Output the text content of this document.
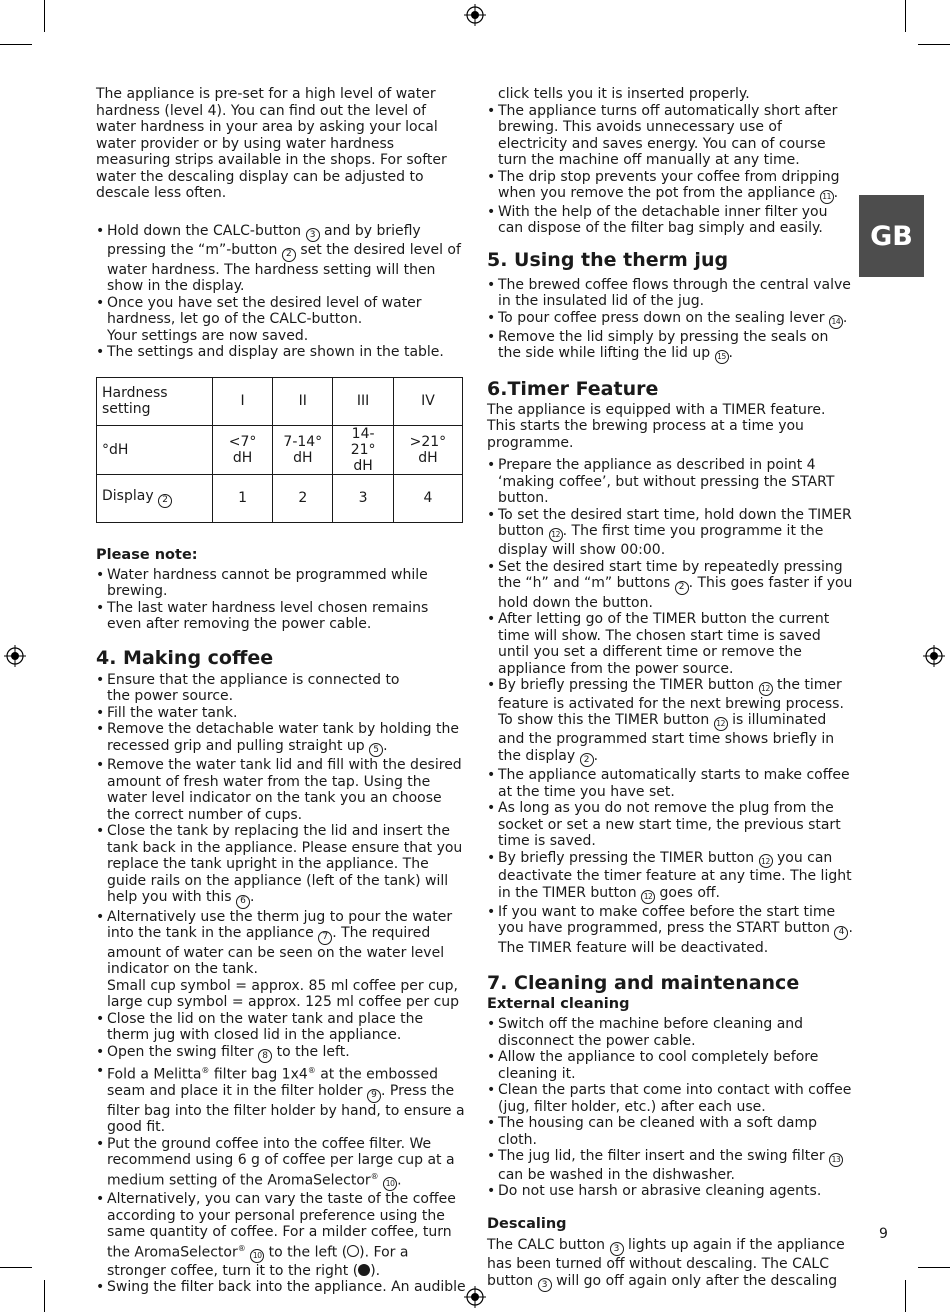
GB
9

The appliance is pre-set for a high level of water hardness (level 4). You can find out the level of water hardness in your area by asking your local water provider or by using water hardness measuring strips available in the shops. For softer water the descaling display can be adjusted to descale less often.

• Hold down the CALC-button 3 and by briefly pressing the “m”-button 2 set the desired level of water hardness. The hardness setting will then show in the display.
• Once you have set the desired level of water hardness, let go of the CALC-button.
Your settings are now saved.
• The settings and display are shown in the table.
Hardness setting	I	II	III	IV
°dH	<7° dH	7-14° dH	14-21° dH	>21° dH
Display 2	1	2	3	4
Please note:
• Water hardness cannot be programmed while brewing.
• The last water hardness level chosen remains even after removing the power cable.
4. Making coffee
• Ensure that the appliance is connected to
the power source.
• Fill the water tank.
• Remove the detachable water tank by holding the recessed grip and pulling straight up 5 .
• Remove the water tank lid and fill with the desired amount of fresh water from the tap. Using the water level indicator on the tank you an choose the correct number of cups.
• Close the tank by replacing the lid and insert the tank back in the appliance. Please ensure that you replace the tank upright in the appliance. The guide rails on the appliance (left of the tank) will help you with this 6 .
• Alternatively use the therm jug to pour the water into the tank in the appliance 7 . The required amount of water can be seen on the water level indicator on the tank.
Small cup symbol = approx. 85 ml coffee per cup,
large cup symbol = approx. 125 ml coffee per cup
• Close the lid on the water tank and place the therm jug with closed lid in the appliance.
• Open the swing filter 8 to the left.
• Fold a Melitta® filter bag 1x4® at the embossed seam and place it in the filter holder 9 . Press the filter bag into the filter holder by hand, to ensure a good fit.
• Put the ground coffee into the coffee filter. We recommend using 6 g of coffee per large cup at a medium setting of the AromaSelector® 10 .
• Alternatively, you can vary the taste of the coffee according to your personal preference using the same quantity of coffee. For a milder coffee, turn the AromaSelector® 10 to the left ( ). For a stronger coffee, turn it to the right ( ).
• Swing the filter back into the appliance. An audible

click tells you it is inserted properly.

• The appliance turns off automatically short after brewing. This avoids unnecessary use of electricity and saves energy. You can of course turn the machine off manually at any time.
• The drip stop prevents your coffee from dripping when you remove the pot from the appliance 11 .
• With the help of the detachable inner filter you can dispose of the filter bag simply and easily.
5. Using the therm jug
• The brewed coffee flows through the central valve in the insulated lid of the jug.
• To pour coffee press down on the sealing lever 14 .
• Remove the lid simply by pressing the seals on the side while lifting the lid up 15 .
6.Timer Feature

The appliance is equipped with a TIMER feature. This starts the brewing process at a time you programme.

• Prepare the appliance as described in point 4 ‘making coffee’, but without pressing the START button.
• To set the desired start time, hold down the TIMER button 12 . The first time you programme it the display will show 00:00.
• Set the desired start time by repeatedly pressing the “h” and “m” buttons 2 . This goes faster if you hold down the button.
• After letting go of the TIMER button the current time will show. The chosen start time is saved until you set a different time or remove the appliance from the power source.
• By briefly pressing the TIMER button 12 the timer feature is activated for the next brewing process.
To show this the TIMER button 12 is illuminated and the programmed start time shows briefly in the display 2 .
• The appliance automatically starts to make coffee at the time you have set.
• As long as you do not remove the plug from the socket or set a new start time, the previous start time is saved.
• By briefly pressing the TIMER button 12 you can deactivate the timer feature at any time. The light in the TIMER button 12 goes off.
• If you want to make coffee before the start time you have programmed, press the START button 4 . The TIMER feature will be deactivated.
7. Cleaning and maintenance
External cleaning
• Switch off the machine before cleaning and disconnect the power cable.
• Allow the appliance to cool completely before cleaning it.
• Clean the parts that come into contact with coffee (jug, filter holder, etc.) after each use.
• The housing can be cleaned with a soft damp cloth.
• The jug lid, the filter insert and the swing filter 13 can be washed in the dishwasher.
• Do not use harsh or abrasive cleaning agents.
Descaling

The CALC button 3 lights up again if the appliance has been turned off without descaling. The CALC button 3 will go off again only after the descaling
